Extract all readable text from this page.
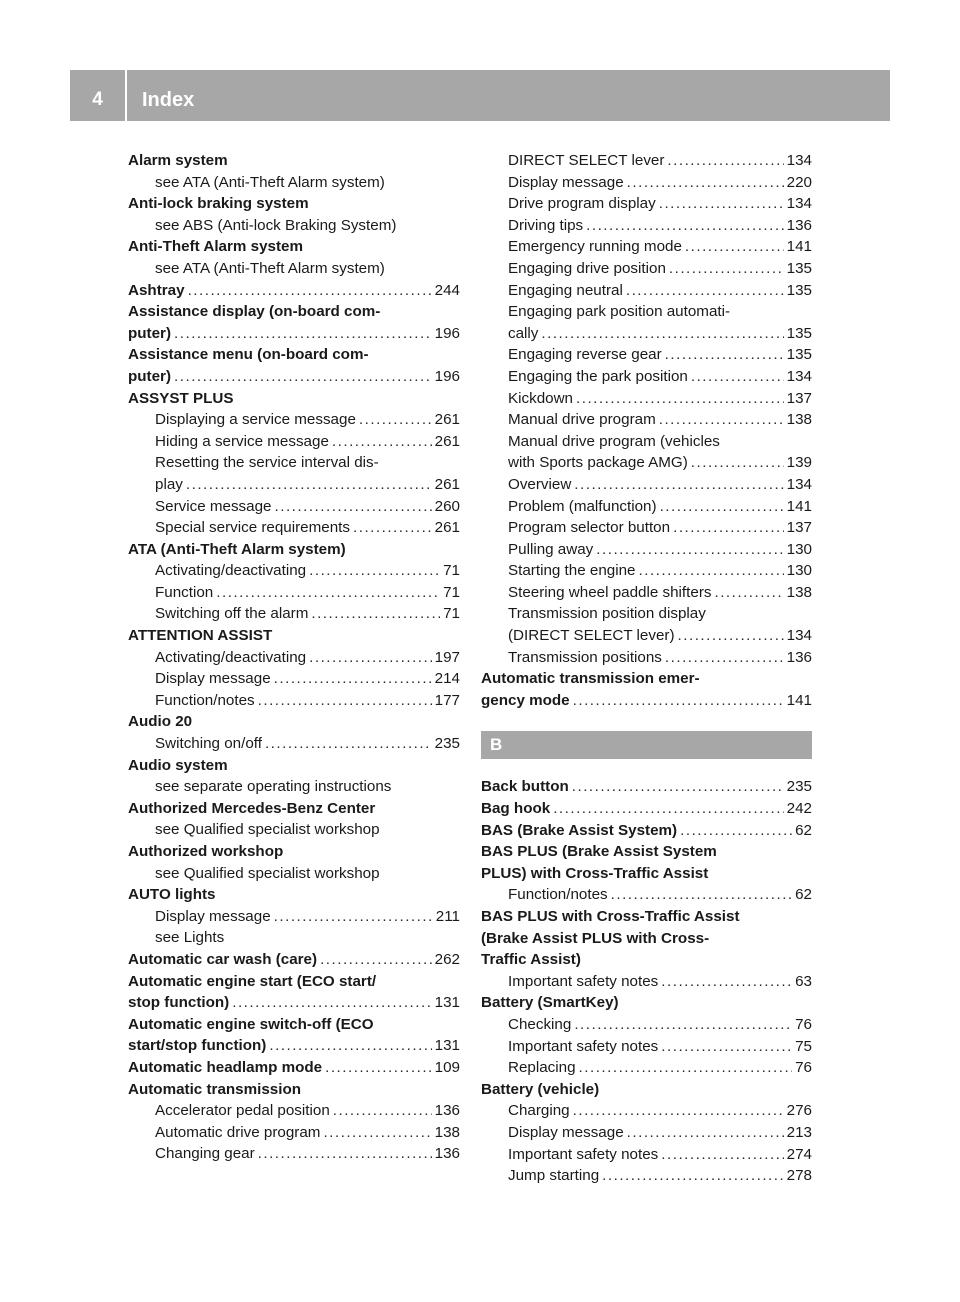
4	Index
Alarm system
see ATA (Anti-Theft Alarm system)
Anti-lock braking system
see ABS (Anti-lock Braking System)
Anti-Theft Alarm system
see ATA (Anti-Theft Alarm system)
Ashtray .....	244
Assistance display (on-board com-
puter) .....	196
Assistance menu (on-board com-
puter) .....	196
ASSYST PLUS
Displaying a service message .....	261
Hiding a service message .....	261
Resetting the service interval dis-
play .....	261
Service message .....	260
Special service requirements .....	261
ATA (Anti-Theft Alarm system)
Activating/deactivating .....	71
Function .....	71
Switching off the alarm .....	71
ATTENTION ASSIST
Activating/deactivating .....	197
Display message .....	214
Function/notes .....	177
Audio 20
Switching on/off .....	235
Audio system
see separate operating instructions
Authorized Mercedes-Benz Center
see Qualified specialist workshop
Authorized workshop
see Qualified specialist workshop
AUTO lights
Display message .....	211
see Lights
Automatic car wash (care) .....	262
Automatic engine start (ECO start/
stop function) .....	131
Automatic engine switch-off (ECO
start/stop function) .....	131
Automatic headlamp mode .....	109
Automatic transmission
Accelerator pedal position .....	136
Automatic drive program .....	138
Changing gear .....	136
DIRECT SELECT lever .....	134
Display message .....	220
Drive program display .....	134
Driving tips .....	136
Emergency running mode .....	141
Engaging drive position .....	135
Engaging neutral .....	135
Engaging park position automati-
cally .....	135
Engaging reverse gear .....	135
Engaging the park position .....	134
Kickdown .....	137
Manual drive program .....	138
Manual drive program (vehicles
with Sports package AMG) .....	139
Overview .....	134
Problem (malfunction) .....	141
Program selector button .....	137
Pulling away .....	130
Starting the engine .....	130
Steering wheel paddle shifters .....	138
Transmission position display
(DIRECT SELECT lever) .....	134
Transmission positions .....	136
Automatic transmission emer-
gency mode .....	141
B
Back button .....	235
Bag hook .....	242
BAS (Brake Assist System) .....	62
BAS PLUS (Brake Assist System
PLUS) with Cross-Traffic Assist
Function/notes .....	62
BAS PLUS with Cross-Traffic Assist
(Brake Assist PLUS with Cross-
Traffic Assist)
Important safety notes .....	63
Battery (SmartKey)
Checking .....	76
Important safety notes .....	75
Replacing .....	76
Battery (vehicle)
Charging .....	276
Display message .....	213
Important safety notes .....	274
Jump starting .....	278
